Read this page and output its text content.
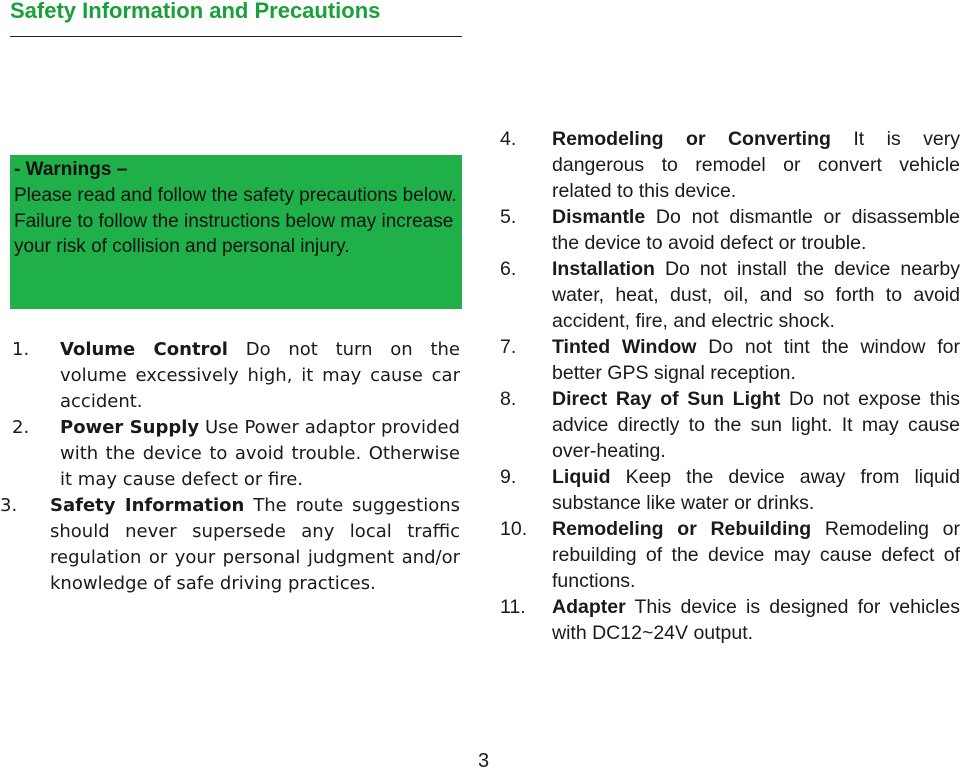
Safety Information and Precautions
- Warnings –
Please read and follow the safety precautions below. Failure to follow the instructions below may increase your risk of collision and personal injury.
1. Volume Control Do not turn on the volume excessively high, it may cause car accident.
2. Power Supply Use Power adaptor provided with the device to avoid trouble. Otherwise it may cause defect or fire.
3. Safety Information The route suggestions should never supersede any local traffic regulation or your personal judgment and/or knowledge of safe driving practices.
4. Remodeling or Converting It is very dangerous to remodel or convert vehicle related to this device.
5. Dismantle Do not dismantle or disassemble the device to avoid defect or trouble.
6. Installation Do not install the device nearby water, heat, dust, oil, and so forth to avoid accident, fire, and electric shock.
7. Tinted Window Do not tint the window for better GPS signal reception.
8. Direct Ray of Sun Light Do not expose this advice directly to the sun light. It may cause over-heating.
9. Liquid Keep the device away from liquid substance like water or drinks.
10. Remodeling or Rebuilding Remodeling or rebuilding of the device may cause defect of functions.
11. Adapter This device is designed for vehicles with DC12~24V output.
3
